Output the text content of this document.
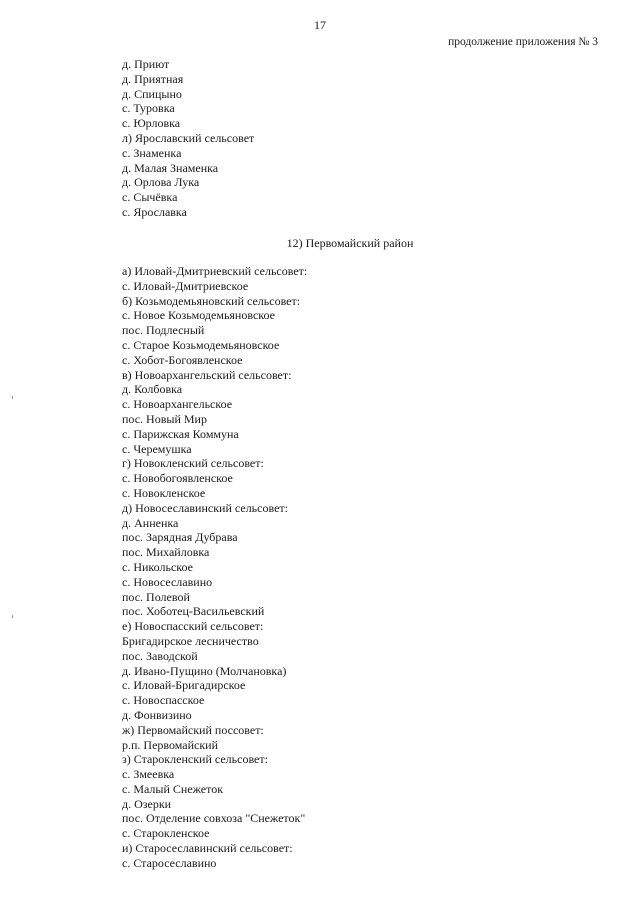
17
продолжение приложения № 3
д. Приют
д. Приятная
д. Спицыно
с. Туровка
с. Юрловка
л) Ярославский сельсовет
с. Знаменка
д. Малая Знаменка
д. Орлова Лука
с. Сычёвка
с. Ярославка
12) Первомайский район
а) Иловай-Дмитриевский сельсовет:
с. Иловай-Дмитриевское
б) Козьмодемьяновский сельсовет:
с. Новое Козьмодемьяновское
пос. Подлесный
с. Старое Козьмодемьяновское
с. Хобот-Богоявленское
в) Новоархангельский сельсовет:
д. Колбовка
с. Новоархангельское
пос. Новый Мир
с. Парижская Коммуна
с. Черемушка
г) Новокленский сельсовет:
с. Новобогоявленское
с. Новокленское
д) Новосеславинский сельсовет:
д. Анненка
пос. Зарядная Дубрава
пос. Михайловка
с. Никольское
с. Новосеславино
пос. Полевой
пос. Хоботец-Васильевский
е) Новоспасский сельсовет:
Бригадирское лесничество
пос. Заводской
д. Ивано-Пущино (Молчановка)
с. Иловай-Бригадирское
с. Новоспасское
д. Фонвизино
ж) Первомайский поссовет:
р.п. Первомайский
з) Старокленский сельсовет:
с. Змеевка
с. Малый Снежеток
д. Озерки
пос. Отделение совхоза "Снежеток"
с. Старокленское
и) Старосеславинский сельсовет:
с. Старосеславино
